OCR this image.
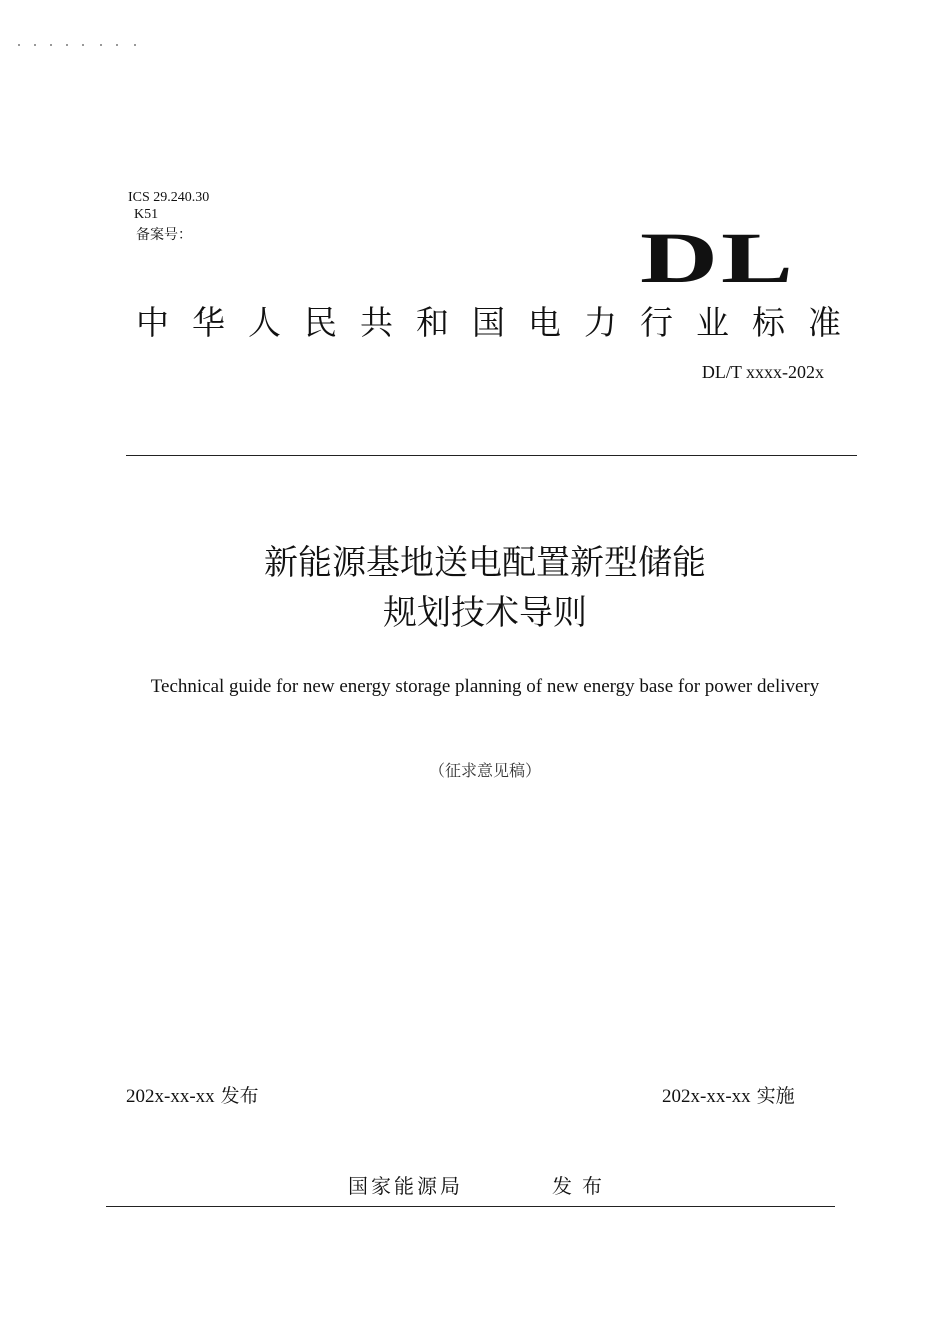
ICS 29.240.30
K51
备案号：	DL
中华人民共和国电力行业标准
DL/T xxxx-202x
新能源基地送电配置新型储能
规划技术导则
Technical guide for new energy storage planning of new energy base for power delivery
（征求意见稿）
202x-xx-xx 发布	202x-xx-xx 实施
国家能源局	发布
